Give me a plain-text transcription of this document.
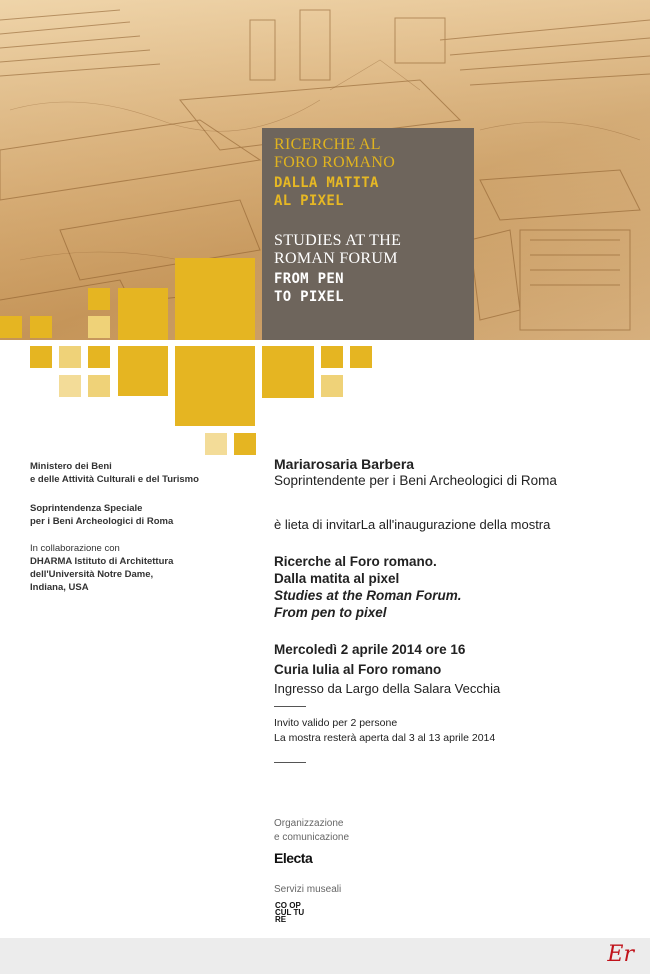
RICERCHE AL
FORO ROMANO
DALLA MATITA
AL PIXEL
STUDIES AT THE
ROMAN FORUM
FROM PEN
TO PIXEL
Ministero dei Beni
e delle Attività Culturali e del Turismo
Soprintendenza Speciale
per i Beni Archeologici di Roma
In collaborazione con
DHARMA Istituto di Architettura
dell'Università Notre Dame,
Indiana, USA
Mariarosaria Barbera
Soprintendente per i Beni Archeologici di Roma
è lieta di invitarLa all'inaugurazione della mostra
Ricerche al Foro romano.
Dalla matita al pixel
Studies at the Roman Forum.
From pen to pixel
Mercoledì 2 aprile 2014 ore 16
Curia Iulia al Foro romano
Ingresso da Largo della Salara Vecchia
Invito valido per 2 persone
La mostra resterà aperta dal 3 al 13 aprile 2014
Organizzazione
e comunicazione
Electa
Servizi museali
CO OP CUL TU RE
Er
